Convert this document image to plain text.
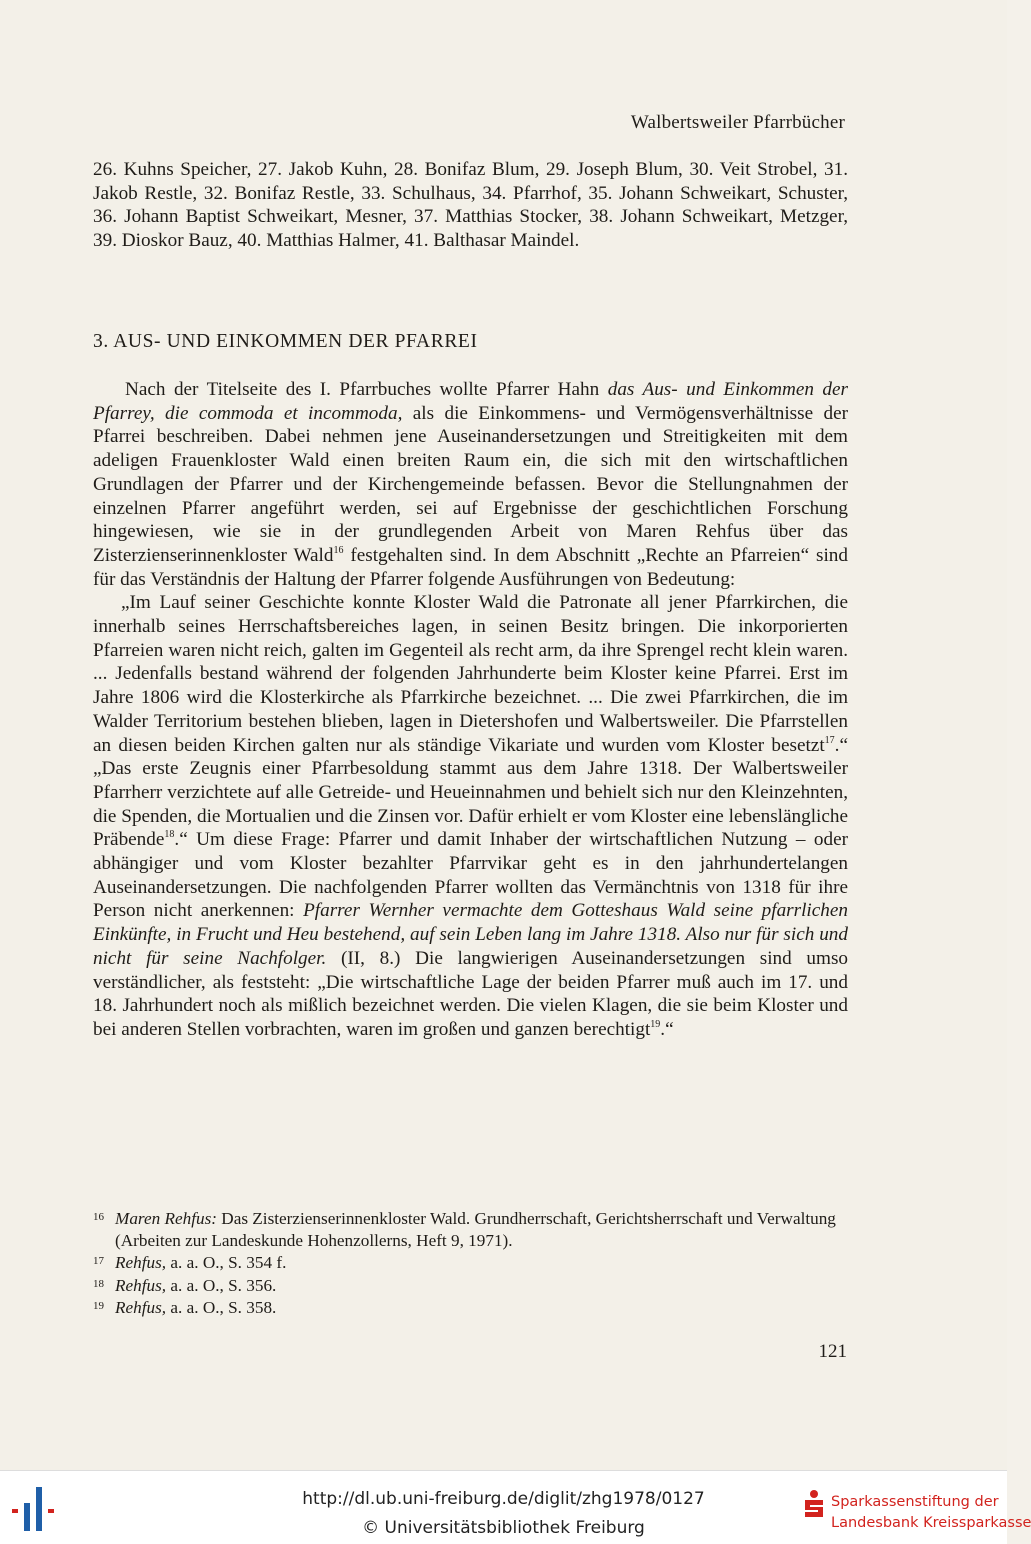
Walbertsweiler Pfarrbücher
26. Kuhns Speicher, 27. Jakob Kuhn, 28. Bonifaz Blum, 29. Joseph Blum, 30. Veit Strobel, 31. Jakob Restle, 32. Bonifaz Restle, 33. Schulhaus, 34. Pfarrhof, 35. Johann Schweikart, Schuster, 36. Johann Baptist Schweikart, Mesner, 37. Matthias Stocker, 38. Johann Schweikart, Metzger, 39. Dioskor Bauz, 40. Matthias Halmer, 41. Balthasar Maindel.
3. AUS- UND EINKOMMEN DER PFARREI

Nach der Titelseite des I. Pfarrbuches wollte Pfarrer Hahn das Aus- und Einkommen der Pfarrey, die commoda et incommoda, als die Einkommens- und Vermögensverhältnisse der Pfarrei beschreiben. Dabei nehmen jene Auseinandersetzungen und Streitigkeiten mit dem adeligen Frauenkloster Wald einen breiten Raum ein, die sich mit den wirtschaftlichen Grundlagen der Pfarrer und der Kirchengemeinde befassen. Bevor die Stellungnahmen der einzelnen Pfarrer angeführt werden, sei auf Ergebnisse der geschichtlichen Forschung hingewiesen, wie sie in der grundlegenden Arbeit von Maren Rehfus über das Zisterzienserinnenkloster Wald$^{16}$ festgehalten sind. In dem Abschnitt „Rechte an Pfarreien“ sind für das Verständnis der Haltung der Pfarrer folgende Ausführungen von Bedeutung:

„Im Lauf seiner Geschichte konnte Kloster Wald die Patronate all jener Pfarrkirchen, die innerhalb seines Herrschaftsbereiches lagen, in seinen Besitz bringen. Die inkorporierten Pfarreien waren nicht reich, galten im Gegenteil als recht arm, da ihre Sprengel recht klein waren. ... Jedenfalls bestand während der folgenden Jahrhunderte beim Kloster keine Pfarrei. Erst im Jahre 1806 wird die Klosterkirche als Pfarrkirche bezeichnet. ... Die zwei Pfarrkirchen, die im Walder Territorium bestehen blieben, lagen in Dietershofen und Walbertsweiler. Die Pfarrstellen an diesen beiden Kirchen galten nur als ständige Vikariate und wurden vom Kloster besetzt$^{17}$.“ „Das erste Zeugnis einer Pfarrbesoldung stammt aus dem Jahre 1318. Der Walbertsweiler Pfarrherr verzichtete auf alle Getreide- und Heueinnahmen und behielt sich nur den Kleinzehnten, die Spenden, die Mortualien und die Zinsen vor. Dafür erhielt er vom Kloster eine lebenslängliche Präbende$^{18}$.“ Um diese Frage: Pfarrer und damit Inhaber der wirtschaftlichen Nutzung – oder abhängiger und vom Kloster bezahlter Pfarrvikar geht es in den jahrhundertelangen Auseinandersetzungen. Die nachfolgenden Pfarrer wollten das Vermänchtnis von 1318 für ihre Person nicht anerkennen: Pfarrer Wernher vermachte dem Gotteshaus Wald seine pfarrlichen Einkünfte, in Frucht und Heu bestehend, auf sein Leben lang im Jahre 1318. Also nur für sich und nicht für seine Nachfolger. (II, 8.) Die langwierigen Auseinandersetzungen sind umso verständlicher, als feststeht: „Die wirtschaftliche Lage der beiden Pfarrer muß auch im 17. und 18. Jahrhundert noch als mißlich bezeichnet werden. Die vielen Klagen, die sie beim Kloster und bei anderen Stellen vorbrachten, waren im großen und ganzen berechtigt$^{19}$.“

16 Maren Rehfus: Das Zisterzienserinnenkloster Wald. Grundherrschaft, Gerichtsherrschaft und Verwaltung (Arbeiten zur Landeskunde Hohenzollerns, Heft 9, 1971).
17 Rehfus, a. a. O., S. 354 f.
18 Rehfus, a. a. O., S. 356.
19 Rehfus, a. a. O., S. 358.
121
http://dl.ub.uni-freiburg.de/diglit/zhg1978/0127
© Universitätsbibliothek Freiburg
Sparkassenstiftung der
Landesbank Kreissparkasse
